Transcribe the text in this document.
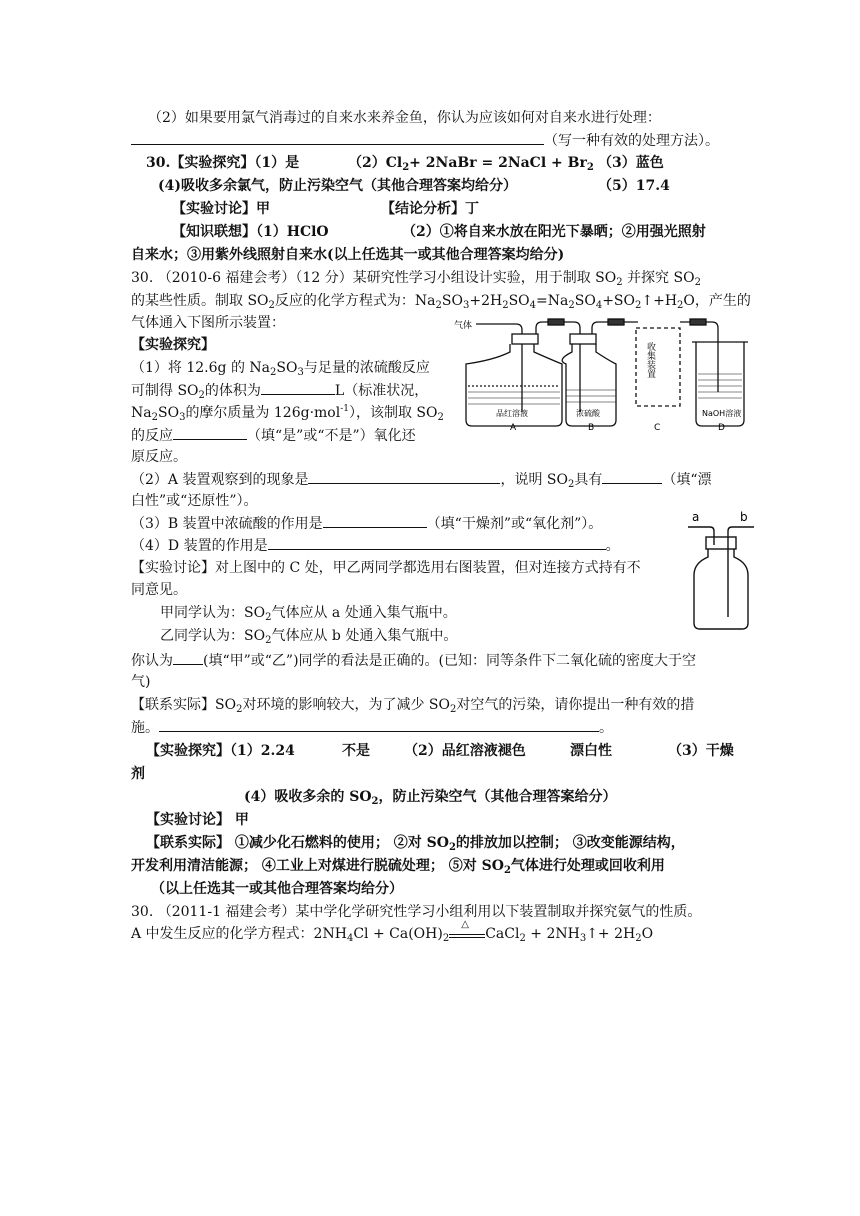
（2）如果要用氯气消毒过的自来水来养金鱼，你认为应该如何对自来水进行处理：
（写一种有效的处理方法）。
30.【实验探究】（1）是	$(2)Cl_2+$ 2NaBr = 2NaCl + $Br_2$ （3）蓝色
(4)吸收多余氯气，防止污染空气（其他合理答案均给分）	（5）17.4
【实验讨论】甲	【结论分析】丁
【知识联想】（1）HClO	（2）①将自来水放在阳光下暴晒；②用强光照射
自来水；③用紫外线照射自来水(以上任选其一或其他合理答案均给分)
30. （2010-6 福建会考）（12 分）某研究性学习小组设计实验，用于制取 $SO_2$ 并探究 $SO_2$
的某些性质。制取 $SO_2$反应的化学方程式为：$Na_2SO_3+2H_2SO_4=Na_2SO_4+SO_2↑+H_2O$，产生的
气体通入下图所示装置：
【实验探究】
（1）将 12.6g 的 $Na_2SO_3$与足量的浓硫酸反应
可制得 $SO_2$的体积为	L（标准状况，
$Na_2SO_3$的摩尔质量为 126g·mol$^{-1}$），该制取 $SO_2$
的反应	（填“是”或“不是”）氧化还
原反应。
（2）A 装置观察到的现象是	，说明 $SO_2$具有	（填“漂
白性”或“还原性”）。
（3）B 装置中浓硫酸的作用是	（填“干燥剂”或“氧化剂”）。
（4）D 装置的作用是	。
【实验讨论】对上图中的 C 处，甲乙两同学都选用右图装置，但对连接方式持有不
同意见。
甲同学认为：$SO_2$气体应从 a 处通入集气瓶中。
乙同学认为：$SO_2$气体应从 b 处通入集气瓶中。
你认为 (填“甲”或“乙”)同学的看法是正确的。(已知：同等条件下二氧化硫的密度大于空
气)
【联系实际】$SO_2$对环境的影响较大，为了减少 $SO_2$对空气的污染，请你提出一种有效的措
施。	。
【实验探究】（1）2.24	不是 （2）品红溶液褪色	漂白性	（3）干燥
剂
(4）吸收多余的 $SO_2$，防止污染空气（其他合理答案给分）
【实验讨论】 甲
【联系实际】 ①减少化石燃料的使用； ②对 $SO_2$的排放加以控制； ③改变能源结构，
开发利用清洁能源； ④工业上对煤进行脱硫处理； ⑤对 $SO_2$气体进行处理或回收利用
（以上任选其一或其他合理答案均给分）
30. （2011-1 福建会考）某中学化学研究性学习小组利用以下装置制取并探究氨气的性质。
A 中发生反应的化学方程式：$2NH_4Cl + Ca(OH)_2$
△
CaCl$_2$ + $2NH_3↑+ 2H_2O$
气体
收集装置
品红溶液	浓硫酸	NaOH溶液
A	B	C	D
a	b
